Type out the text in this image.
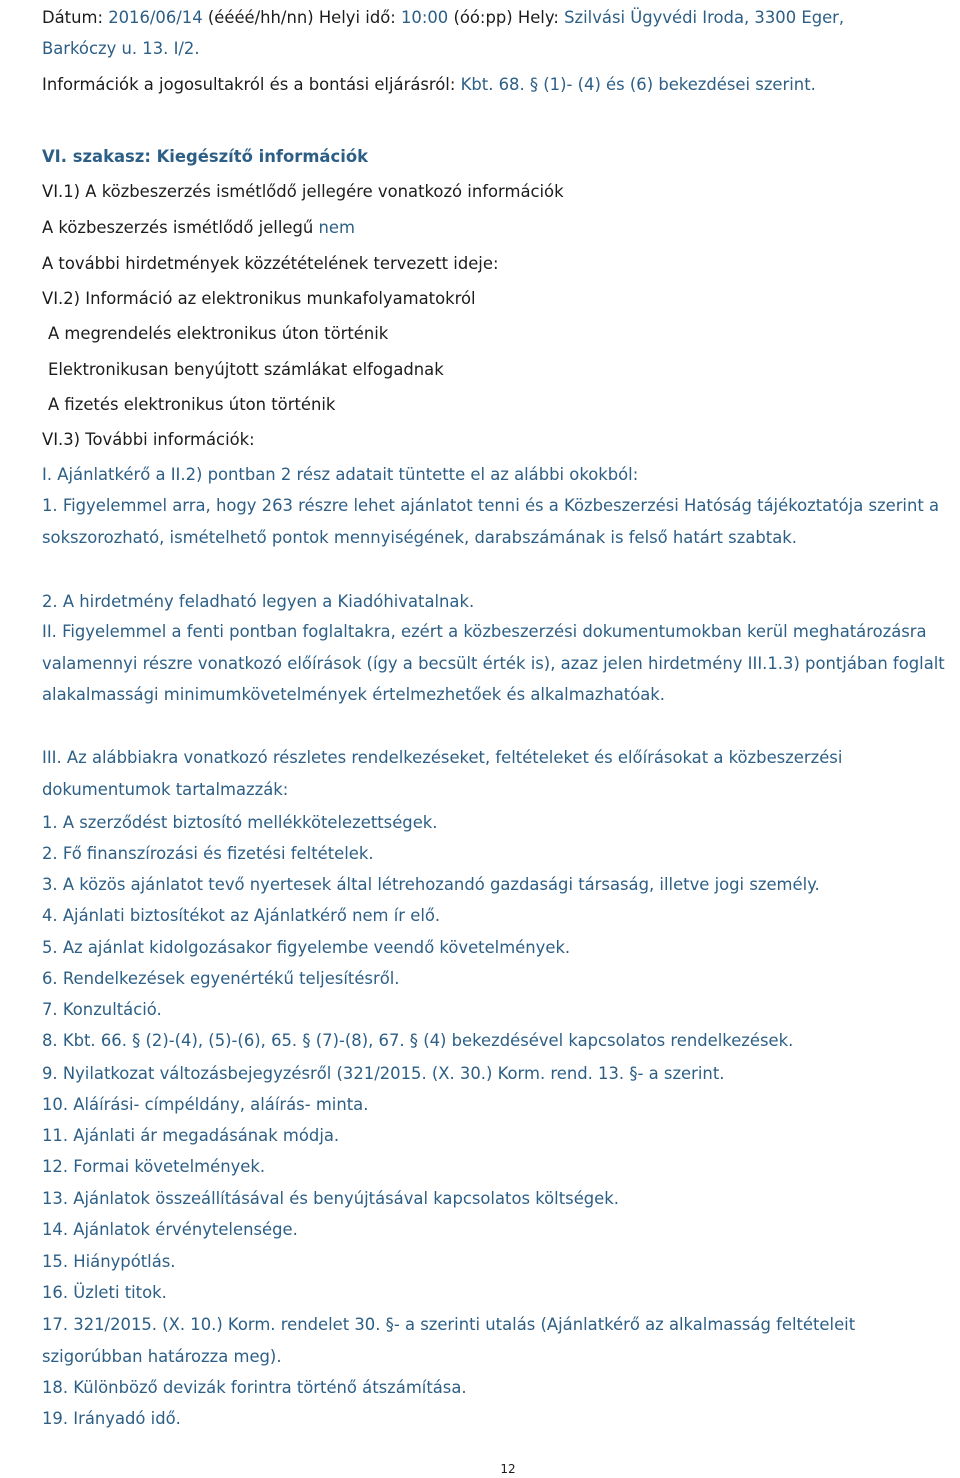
Dátum: 2016/06/14 (éééé/hh/nn) Helyi idő: 10:00 (óó:pp) Hely: Szilvási Ügyvédi Iroda, 3300 Eger,
Barkóczy u. 13. I/2.
Információk a jogosultakról és a bontási eljárásról: Kbt. 68. § (1)- (4) és (6) bekezdései szerint.
VI. szakasz: Kiegészítő információk
VI.1) A közbeszerzés ismétlődő jellegére vonatkozó információk
A közbeszerzés ismétlődő jellegű nem
A további hirdetmények közzétételének tervezett ideje:
VI.2) Információ az elektronikus munkafolyamatokról
A megrendelés elektronikus úton történik
Elektronikusan benyújtott számlákat elfogadnak
A fizetés elektronikus úton történik
VI.3) További információk:
I. Ajánlatkérő a II.2) pontban 2 rész adatait tüntette el az alábbi okokból:
1. Figyelemmel arra, hogy 263 részre lehet ajánlatot tenni és a Közbeszerzési Hatóság tájékoztatója szerint a sokszorozható, ismételhető pontok mennyiségének, darabszámának is felső határt szabtak.
2. A hirdetmény feladható legyen a Kiadóhivatalnak.
II. Figyelemmel a fenti pontban foglaltakra, ezért a közbeszerzési dokumentumokban kerül meghatározásra valamennyi részre vonatkozó előírások (így a becsült érték is), azaz jelen hirdetmény III.1.3) pontjában foglalt alakalmassági minimumkövetelmények értelmezhetőek és alkalmazhatóak.
III. Az alábbiakra vonatkozó részletes rendelkezéseket, feltételeket és előírásokat a közbeszerzési dokumentumok tartalmazzák:
1. A szerződést biztosító mellékkötelezettségek.
2. Fő finanszírozási és fizetési feltételek.
3. A közös ajánlatot tevő nyertesek által létrehozandó gazdasági társaság, illetve jogi személy.
4. Ajánlati biztosítékot az Ajánlatkérő nem ír elő.
5. Az ajánlat kidolgozásakor figyelembe veendő követelmények.
6. Rendelkezések egyenértékű teljesítésről.
7. Konzultáció.
8. Kbt. 66. § (2)-(4), (5)-(6), 65. § (7)-(8), 67. § (4) bekezdésével kapcsolatos rendelkezések.
9. Nyilatkozat változásbejegyzésről (321/2015. (X. 30.) Korm. rend. 13. §- a szerint.
10. Aláírási- címpéldány, aláírás- minta.
11. Ajánlati ár megadásának módja.
12. Formai követelmények.
13. Ajánlatok összeállításával és benyújtásával kapcsolatos költségek.
14. Ajánlatok érvénytelensége.
15. Hiánypótlás.
16. Üzleti titok.
17. 321/2015. (X. 10.) Korm. rendelet 30. §- a szerinti utalás (Ajánlatkérő az alkalmasság feltételeit
szigorúbban határozza meg).
18. Különböző devizák forintra történő átszámítása.
19. Irányadó idő.
12
